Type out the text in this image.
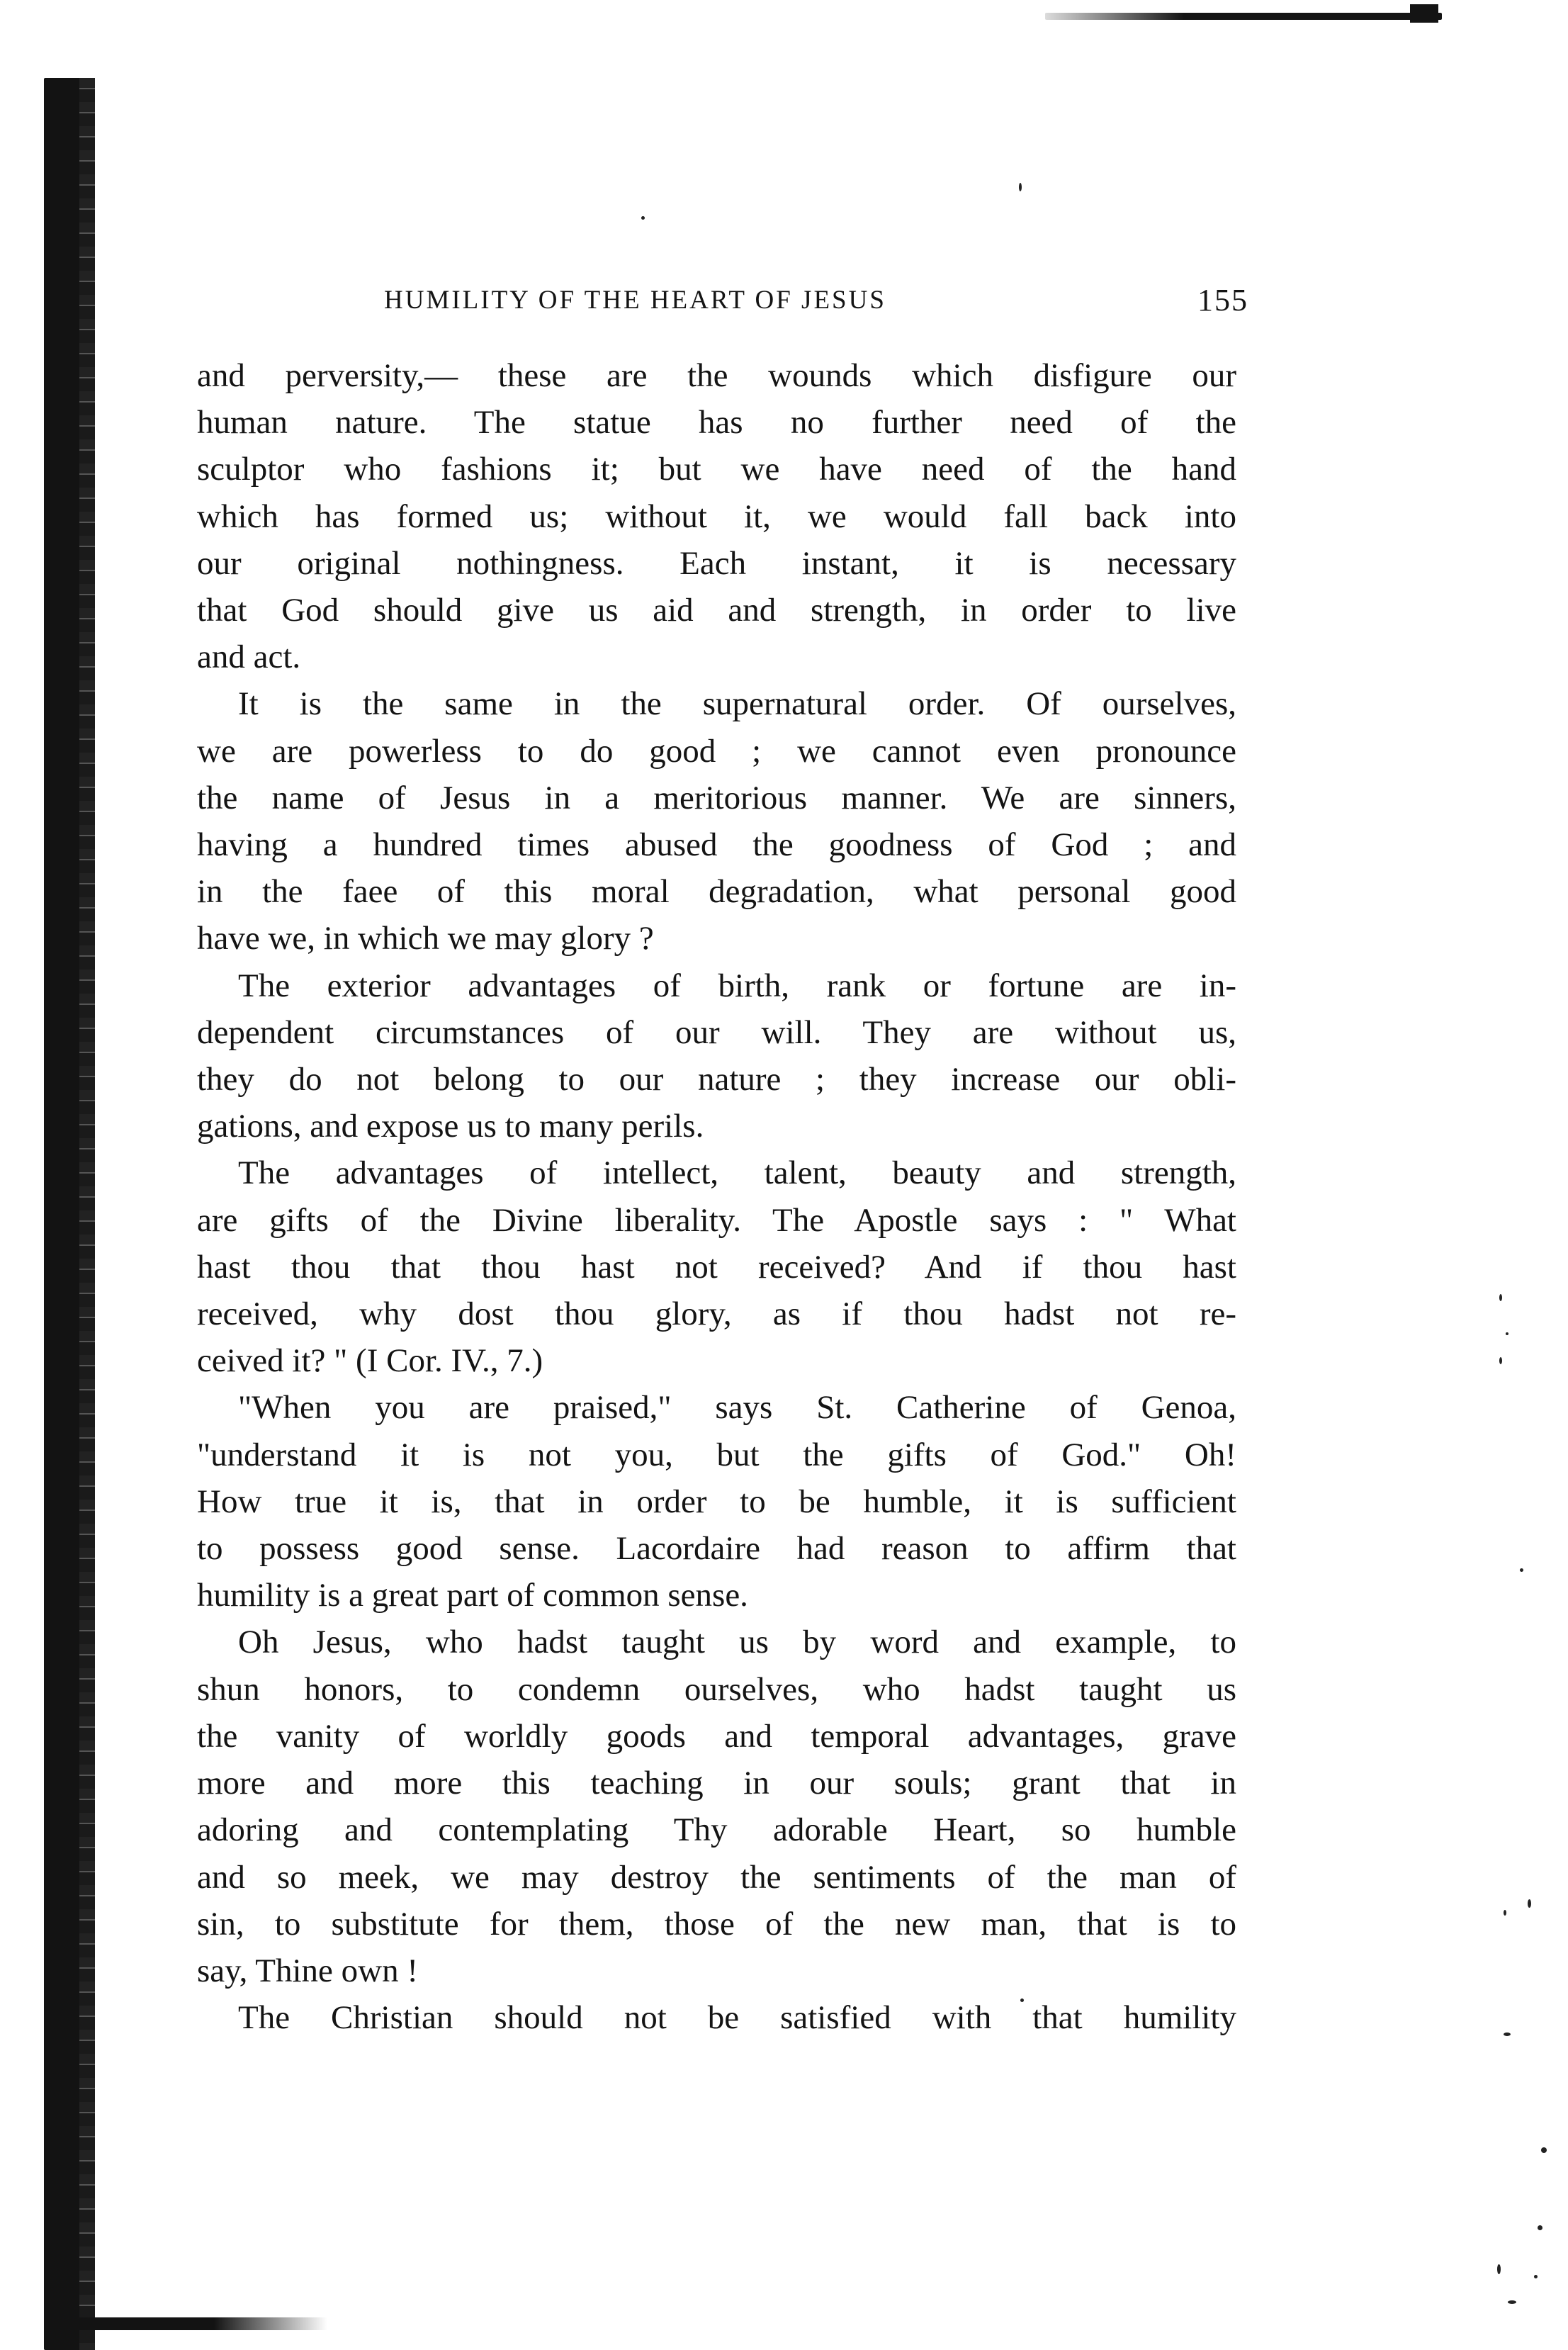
HUMILITY OF THE HEART OF JESUS	155

and perversity,— these are the wounds which disfigure our
human nature. The statue has no further need of the
sculptor who fashions it; but we have need of the hand
which has formed us; without it, we would fall back into
our original nothingness. Each instant, it is necessary
that God should give us aid and strength, in order to live
and act.

It is the same in the supernatural order. Of ourselves,
we are powerless to do good ; we cannot even pronounce
the name of Jesus in a meritorious manner. We are sinners,
having a hundred times abused the goodness of God ; and
in the faee of this moral degradation, what personal good
have we, in which we may glory ?

The exterior advantages of birth, rank or fortune are in-
dependent circumstances of our will. They are without us,
they do not belong to our nature ; they increase our obli-
gations, and expose us to many perils.

The advantages of intellect, talent, beauty and strength,
are gifts of the Divine liberality. The Apostle says : " What
hast thou that thou hast not received? And if thou hast
received, why dost thou glory, as if thou hadst not re-
ceived it? " (I Cor. IV., 7.)

"When you are praised," says St. Catherine of Genoa,
"understand it is not you, but the gifts of God." Oh!
How true it is, that in order to be humble, it is sufficient
to possess good sense. Lacordaire had reason to affirm that
humility is a great part of common sense.

Oh Jesus, who hadst taught us by word and example, to
shun honors, to condemn ourselves, who hadst taught us
the vanity of worldly goods and temporal advantages, grave
more and more this teaching in our souls; grant that in
adoring and contemplating Thy adorable Heart, so humble
and so meek, we may destroy the sentiments of the man of
sin, to substitute for them, those of the new man, that is to
say, Thine own !

The Christian should not be satisfied with that humility
